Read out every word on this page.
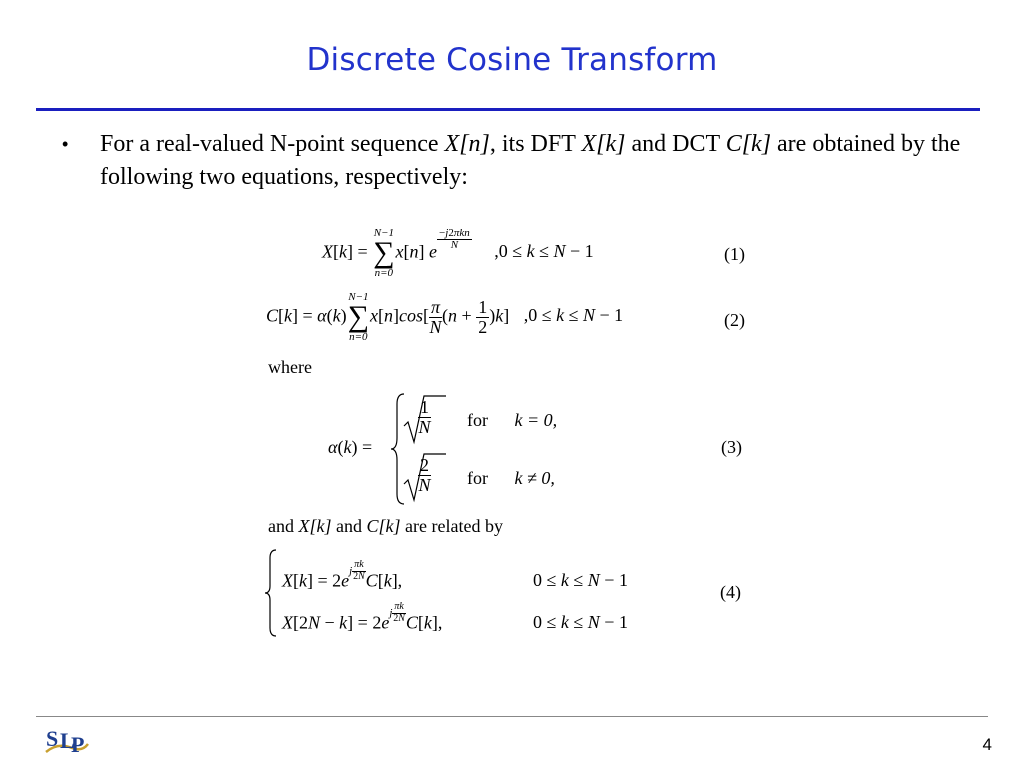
Discrete Cosine Transform
• For a real-valued N-point sequence X[n], its DFT X[k] and DCT C[k] are obtained by the following two equations, respectively:
X[k] =
N−1
∑
n=0
x[n] e $^{\frac{\text{−j2πkn}}{N}}$ ,0 ≤ k ≤ N − 1	(1)
C[k] = α(k)
N−1
∑
n=0
$x[n]\cos[ \frac{\pi}{N} (n + \frac{1}{2} )k]$ ,0 ≤ k ≤ N − 1	(2)
where
α(k) =
$\frac{1}{N}$ for k = 0,
$\frac{2}{N}$ for k ≠ 0,
(3)
and X[k] and C[k] are related by
$X[k] = 2e^{j \frac{\pi k}{2N}}$ C[k],	0 ≤ k ≤ N − 1
$X[2N - k] = 2e^{j \frac{\pi k}{2N}}$ C[k],	0 ≤ k ≤ N − 1
(4)
S L
P	4
